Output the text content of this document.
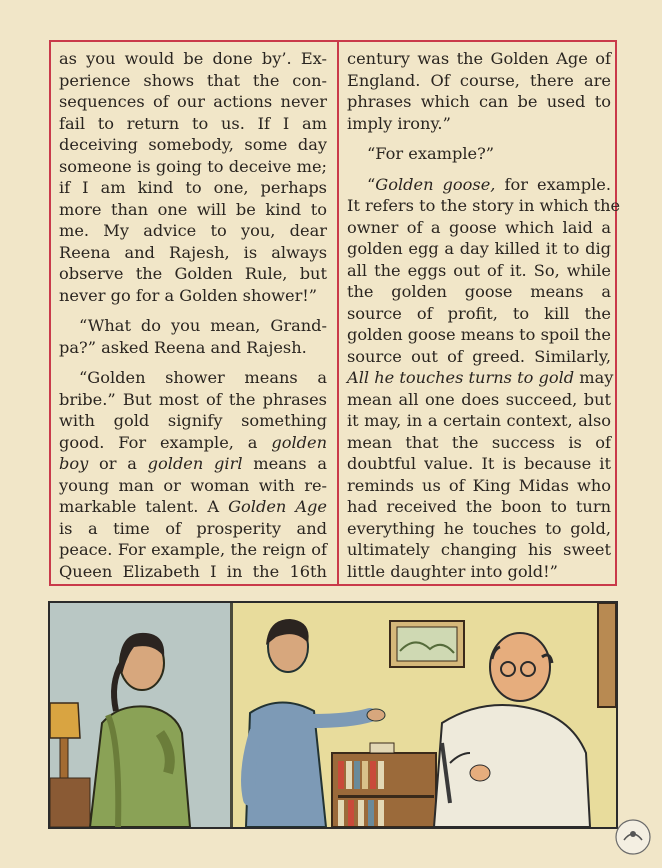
as you would be done by’. Ex-
perience shows that the con-
sequences of our actions never
fail to return to us. If I am
deceiving somebody, some day
someone is going to deceive me;
if I am kind to one, perhaps
more than one will be kind to
me. My advice to you, dear
Reena and Rajesh, is always
observe the Golden Rule, but
never go for a Golden shower!”
“What do you mean, Grand-
pa?” asked Reena and Rajesh.
“Golden shower means a
bribe.” But most of the phrases
with gold signify something
good. For example, a golden
boy or a golden girl means a
young man or woman with re-
markable talent. A Golden Age
is a time of prosperity and
peace. For example, the reign of
Queen Elizabeth I in the 16th
century was the Golden Age of
England. Of course, there are
phrases which can be used to
imply irony.”
“For example?”
“Golden goose, for example.
It refers to the story in which the
owner of a goose which laid a
golden egg a day killed it to dig
all the eggs out of it. So, while
the golden goose means a
source of profit, to kill the
golden goose means to spoil the
source out of greed. Similarly,
All he touches turns to gold may
mean all one does succeed, but
it may, in a certain context, also
mean that the success is of
doubtful value. It is because it
reminds us of King Midas who
had received the boon to turn
everything he touches to gold,
ultimately changing his sweet
little daughter into gold!”
